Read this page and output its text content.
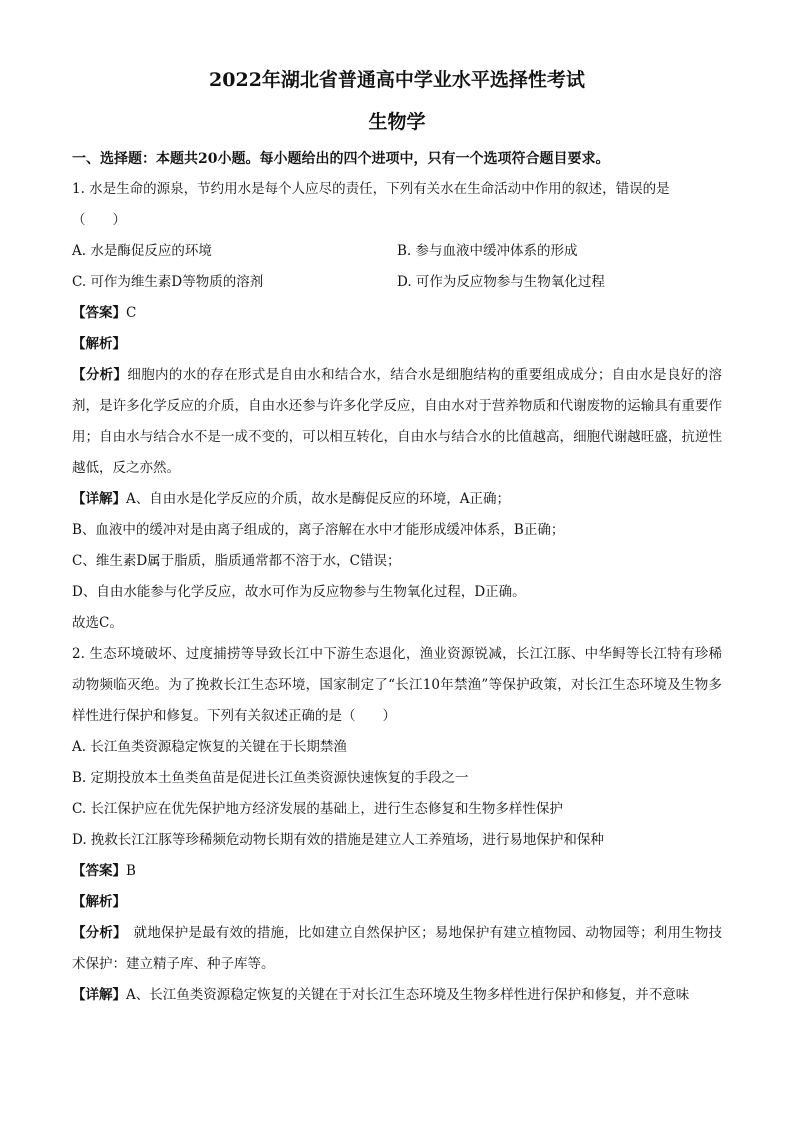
2022年湖北省普通高中学业水平选择性考试
生物学

一、选择题：本题共20小题。每小题给出的四个进项中，只有一个选项符合题目要求。

1. 水是生命的源泉，节约用水是每个人应尽的责任，下列有关水在生命活动中作用的叙述，错误的是

（　　）

A. 水是酶促反应的环境	B. 参与血液中缓冲体系的形成
C. 可作为维生素D等物质的溶剂	D. 可作为反应物参与生物氧化过程

【答案】C

【解析】

【分析】细胞内的水的存在形式是自由水和结合水，结合水是细胞结构的重要组成成分；自由水是良好的溶剂，是许多化学反应的介质，自由水还参与许多化学反应，自由水对于营养物质和代谢废物的运输具有重要作用；自由水与结合水不是一成不变的，可以相互转化，自由水与结合水的比值越高，细胞代谢越旺盛，抗逆性越低，反之亦然。

【详解】A、自由水是化学反应的介质，故水是酶促反应的环境，A正确；

B、血液中的缓冲对是由离子组成的，离子溶解在水中才能形成缓冲体系，B正确；

C、维生素D属于脂质，脂质通常都不溶于水，C错误；

D、自由水能参与化学反应，故水可作为反应物参与生物氧化过程，D正确。

故选C。

2. 生态环境破坏、过度捕捞等导致长江中下游生态退化，渔业资源锐减，长江江豚、中华鲟等长江特有珍稀动物频临灭绝。为了挽救长江生态环境，国家制定了“长江10年禁渔”等保护政策，对长江生态环境及生物多样性进行保护和修复。下列有关叙述正确的是（　　）

A. 长江鱼类资源稳定恢复的关键在于长期禁渔

B. 定期投放本土鱼类鱼苗是促进长江鱼类资源快速恢复的手段之一

C. 长江保护应在优先保护地方经济发展的基础上，进行生态修复和生物多样性保护

D. 挽救长江江豚等珍稀频危动物长期有效的措施是建立人工养殖场，进行易地保护和保种

【答案】B

【解析】

【分析】　就地保护是最有效的措施，比如建立自然保护区；易地保护有建立植物园、动物园等；利用生物技术保护：建立精子库、种子库等。

【详解】A、长江鱼类资源稳定恢复的关键在于对长江生态环境及生物多样性进行保护和修复，并不意味
